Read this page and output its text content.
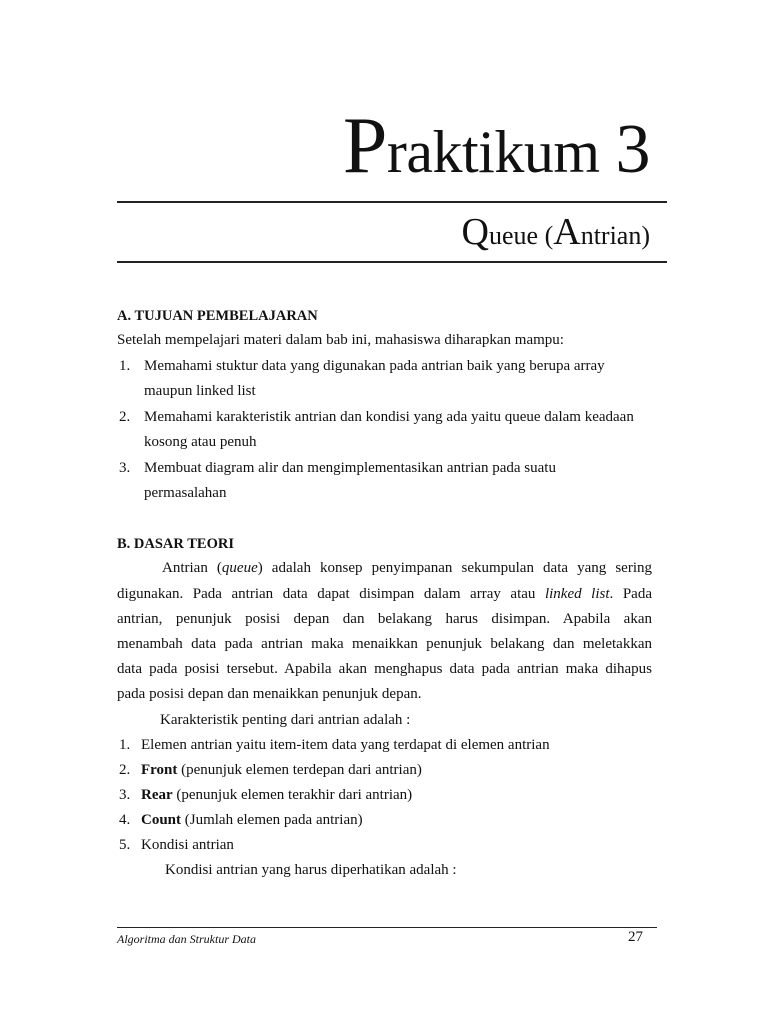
Praktikum 3
Queue (Antrian)
A. TUJUAN PEMBELAJARAN
Setelah mempelajari materi dalam bab ini, mahasiswa diharapkan mampu:
1. Memahami stuktur data yang digunakan pada antrian baik yang berupa array
maupun linked list
2. Memahami karakteristik antrian dan kondisi yang ada yaitu queue dalam keadaan
kosong atau penuh
3. Membuat diagram alir dan mengimplementasikan antrian pada suatu
permasalahan
B. DASAR TEORI
Antrian (queue) adalah konsep penyimpanan sekumpulan data yang sering
digunakan. Pada antrian data dapat disimpan dalam array atau linked list. Pada
antrian, penunjuk posisi depan dan belakang harus disimpan. Apabila akan
menambah data pada antrian maka menaikkan penunjuk belakang dan meletakkan
data pada posisi tersebut. Apabila akan menghapus data pada antrian maka dihapus
pada posisi depan dan menaikkan penunjuk depan.
Karakteristik penting dari antrian adalah :
1. Elemen antrian yaitu item-item data yang terdapat di elemen antrian
2. Front (penunjuk elemen terdepan dari antrian)
3. Rear (penunjuk elemen terakhir dari antrian)
4. Count (Jumlah elemen pada antrian)
5. Kondisi antrian
Kondisi antrian yang harus diperhatikan adalah :
Algoritma dan Struktur Data	27
